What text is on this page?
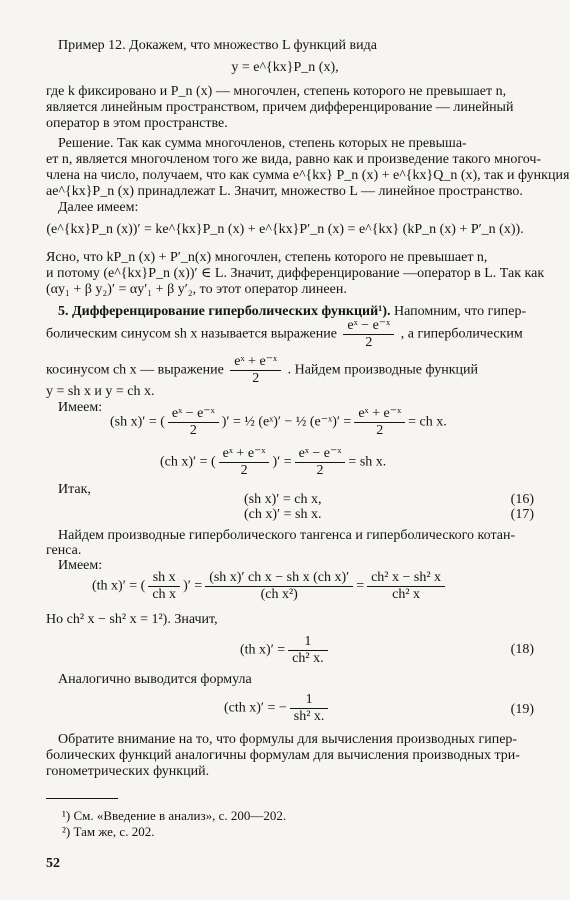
Пример 12. Докажем, что множество L функций вида
y = e^{kx}P_n (x),
где k фиксировано и P_n (x) — многочлен, степень которого не превышает n,
является линейным пространством, причем дифференцирование — линейный
оператор в этом пространстве.
Решение. Так как сумма многочленов, степень которых не превыша-
ет n, является многочленом того же вида, равно как и произведение такого многоч-
члена на число, получаем, что как сумма e^{kx} P_n (x) + e^{kx}Q_n (x), так и функция
ae^{kx}P_n (x) принадлежат L. Значит, множество L — линейное пространство.
Далее имеем:
(e^{kx}P_n (x))′ = ke^{kx}P_n (x) + e^{kx}P′_n (x) = e^{kx} (kP_n (x) + P′_n (x)).
Ясно, что kP_n (x) + P′_n(x) многочлен, степень которого не превышает n,
и потому (e^{kx}P_n (x))′ ∈ L. Значит, дифференцирование —оператор в L. Так как
(αy₁ + β y₂)′ = αy′₁ + β y′₂, то этот оператор линеен.
5. Дифференцирование гиперболических функций¹). Напомним, что гипер-
болическим синусом sh x называется выражение $\frac{\text{eˣ − e⁻ˣ}}{2}$ , а гиперболическим
косинусом ch x — выражение $\frac{\text{eˣ + e⁻ˣ}}{2}$ . Найдем производные функций
y = sh x и y = ch x.
Имеем:
(sh x)′ = ( $\frac{\text{eˣ − e⁻ˣ}}{2}$ )′ = ½ (eˣ)′ − ½ (e⁻ˣ)′ = $\frac{\text{eˣ + e⁻ˣ}}{2}$ = ch x.
(ch x)′ = ( $\frac{\text{eˣ + e⁻ˣ}}{2}$ )′ = $\frac{\text{eˣ − e⁻ˣ}}{2}$ = sh x.
Итак,
(sh x)′ = ch x,	(16)
(ch x)′ = sh x.	(17)
Найдем производные гиперболического тангенса и гиперболического котан-
генса.
Имеем:
(th x)′ = ( $\frac{\text{sh x}}{\text{ch x}}$ )′ = $\frac{\text{(sh x)′ ch x − sh x (ch x)′}}{\text{(ch x²)}} = \frac{\text{ch² x − sh² x}}{\text{ch² x}}$
Но ch² x − sh² x = 1²). Значит,
(th $x)' = \frac{1}{\text{ch² x.}}$	(18)
Аналогично выводится формула
(cth x)′ = − $\frac{1}{\text{sh² x.}}$	(19)
Обратите внимание на то, что формулы для вычисления производных гипер-
болических функций аналогичны формулам для вычисления производных три-
гонометрических функций.
¹) См. «Введение в анализ», с. 200—202.
²) Там же, с. 202.
52
